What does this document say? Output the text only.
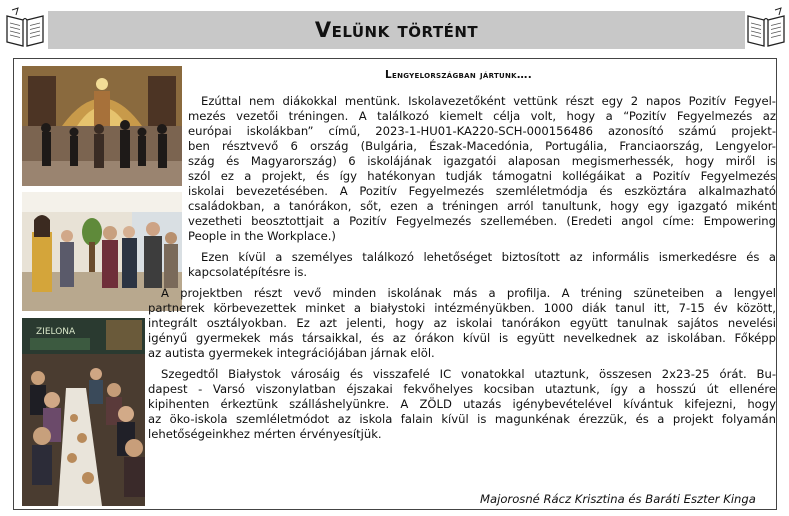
Velünk történt
ZIELONA
Lengyelországban jártunk….
Ezúttal nem diákokkal mentünk. Iskolavezetőként vettünk részt egy 2 napos Pozitív Fegyel-
mezés vezetői tréningen. A találkozó kiemelt célja volt, hogy a “Pozitív Fegyelmezés az
európai iskolákban” című, 2023-1-HU01-KA220-SCH-000156486 azonosító számú projekt-
ben résztvevő 6 ország (Bulgária, Észak-Macedónia, Portugália, Franciaország, Lengyelor-
szág és Magyarország) 6 iskolájának igazgatói alaposan megismerhessék, hogy miről is
szól ez a projekt, és így hatékonyan tudják támogatni kollégáikat a Pozitív Fegyelmezés
iskolai bevezetésében. A Pozitív Fegyelmezés szemléletmódja és eszköztára alkalmazható
családokban, a tanórákon, sőt, ezen a tréningen arról tanultunk, hogy egy igazgató miként
vezetheti beosztottjait a Pozitív Fegyelmezés szellemében. (Eredeti angol címe: Empowering
People in the Workplace.)
Ezen kívül a személyes találkozó lehetőséget biztosított az informális ismerkedésre és a
kapcsolatépítésre is.
A projektben részt vevő minden iskolának más a profilja. A tréning szüneteiben a lengyel
partnerek körbevezettek minket a białystoki intézményükben. 1000 diák tanul itt, 7-15 év között,
integrált osztályokban. Ez azt jelenti, hogy az iskolai tanórákon együtt tanulnak sajátos nevelési
igényű gyermekek más társaikkal, és az órákon kívül is együtt nevelkednek az iskolában. Főképp
az autista gyermekek integrációjában járnak elöl.
Szegedtől Białystok városáig és visszafelé IC vonatokkal utaztunk, összesen 2x23-25 órát. Bu-
dapest - Varsó viszonylatban éjszakai fekvőhelyes kocsiban utaztunk, így a hosszú út ellenére
kipihenten érkeztünk szálláshelyünkre. A ZÖLD utazás igénybevételével kívántuk kifejezni, hogy
az öko-iskola szemléletmódot az iskola falain kívül is magunkénak érezzük, és a projekt folyamán
lehetőségeinkhez mérten érvényesítjük.
Majorosné Rácz Krisztina és Baráti Eszter Kinga
